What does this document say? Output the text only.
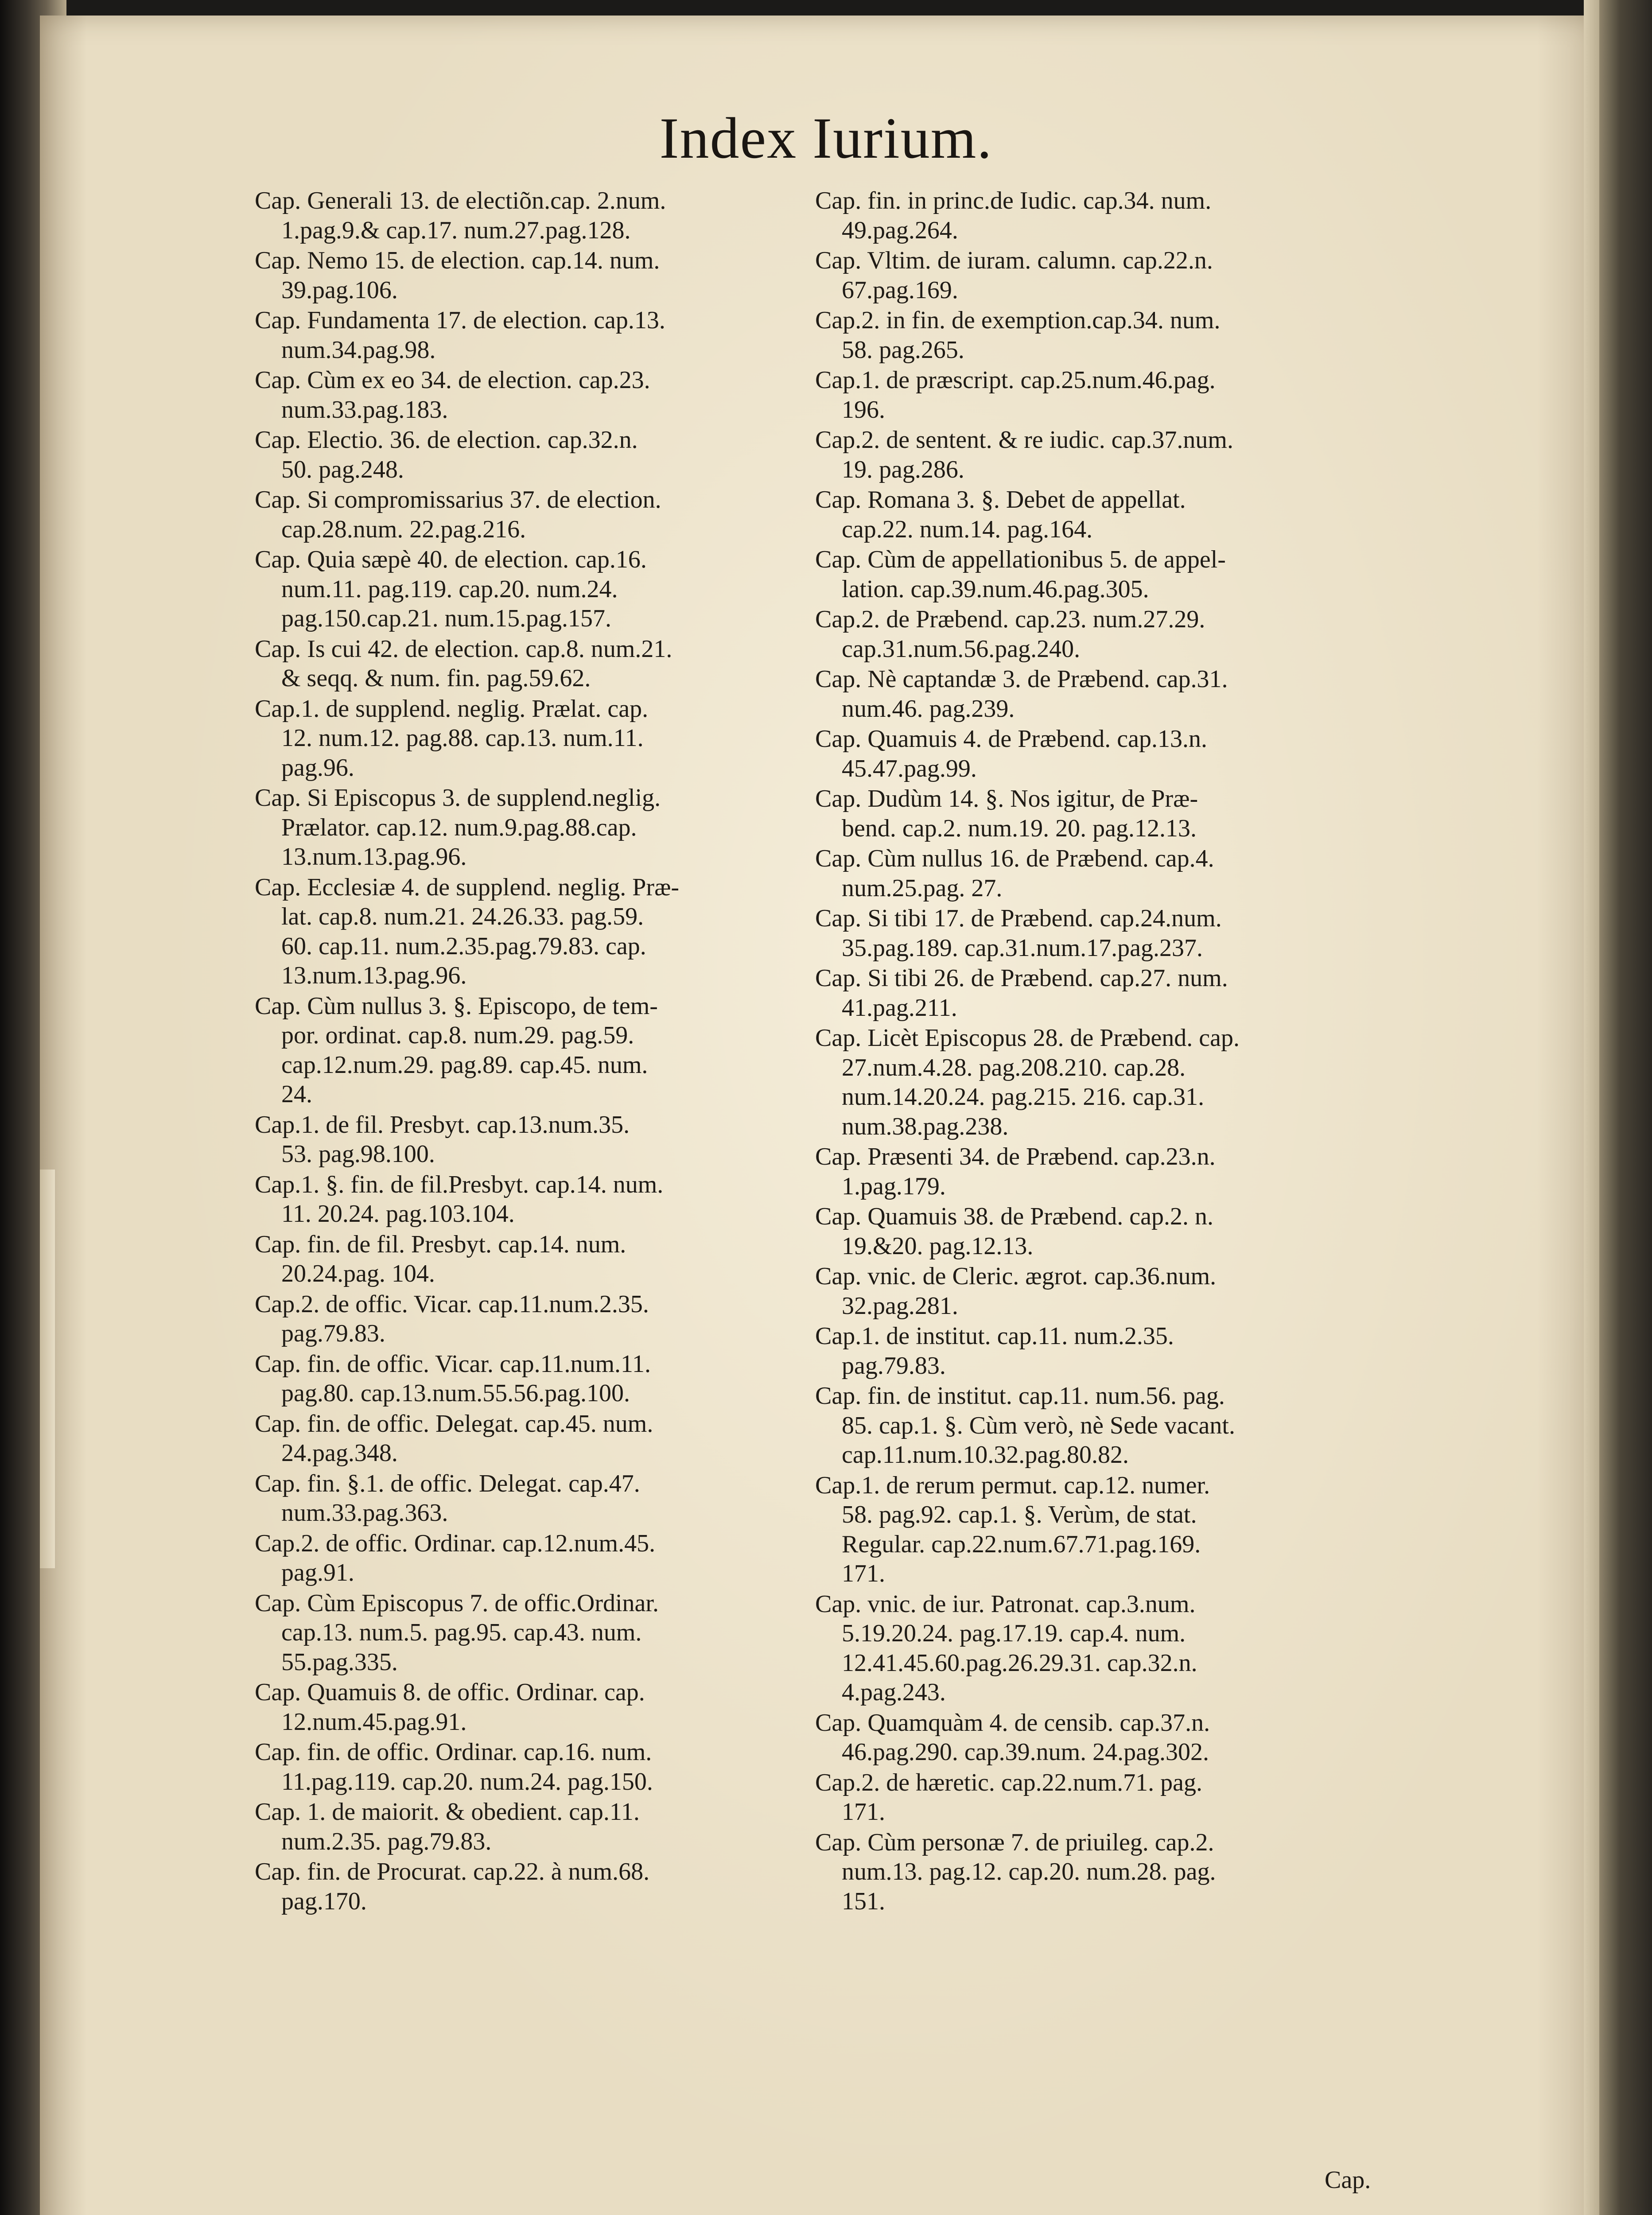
Index Iurium.
Cap. Generali 13. de electiõn.cap. 2.num.
1.pag.9.& cap.17. num.27.pag.128.
Cap. Nemo 15. de election. cap.14. num.
39.pag.106.
Cap. Fundamenta 17. de election. cap.13.
num.34.pag.98.
Cap. Cùm ex eo 34. de election. cap.23.
num.33.pag.183.
Cap. Electio. 36. de election. cap.32.n.
50. pag.248.
Cap. Si compromissarius 37. de election.
cap.28.num. 22.pag.216.
Cap. Quia sæpè 40. de election. cap.16.
num.11. pag.119. cap.20. num.24.
pag.150.cap.21. num.15.pag.157.
Cap. Is cui 42. de election. cap.8. num.21.
& seqq. & num. fin. pag.59.62.
Cap.1. de supplend. neglig. Prælat. cap.
12. num.12. pag.88. cap.13. num.11.
pag.96.
Cap. Si Episcopus 3. de supplend.neglig.
Prælator. cap.12. num.9.pag.88.cap.
13.num.13.pag.96.
Cap. Ecclesiæ 4. de supplend. neglig. Præ-
lat. cap.8. num.21. 24.26.33. pag.59.
60. cap.11. num.2.35.pag.79.83. cap.
13.num.13.pag.96.
Cap. Cùm nullus 3. §. Episcopo, de tem-
por. ordinat. cap.8. num.29. pag.59.
cap.12.num.29. pag.89. cap.45. num.
24.
Cap.1. de fil. Presbyt. cap.13.num.35.
53. pag.98.100.
Cap.1. §. fin. de fil.Presbyt. cap.14. num.
11. 20.24. pag.103.104.
Cap. fin. de fil. Presbyt. cap.14. num.
20.24.pag. 104.
Cap.2. de offic. Vicar. cap.11.num.2.35.
pag.79.83.
Cap. fin. de offic. Vicar. cap.11.num.11.
pag.80. cap.13.num.55.56.pag.100.
Cap. fin. de offic. Delegat. cap.45. num.
24.pag.348.
Cap. fin. §.1. de offic. Delegat. cap.47.
num.33.pag.363.
Cap.2. de offic. Ordinar. cap.12.num.45.
pag.91.
Cap. Cùm Episcopus 7. de offic.Ordinar.
cap.13. num.5. pag.95. cap.43. num.
55.pag.335.
Cap. Quamuis 8. de offic. Ordinar. cap.
12.num.45.pag.91.
Cap. fin. de offic. Ordinar. cap.16. num.
11.pag.119. cap.20. num.24. pag.150.
Cap. 1. de maiorit. & obedient. cap.11.
num.2.35. pag.79.83.
Cap. fin. de Procurat. cap.22. à num.68.
pag.170.
Cap. fin. in princ.de Iudic. cap.34. num.
49.pag.264.
Cap. Vltim. de iuram. calumn. cap.22.n.
67.pag.169.
Cap.2. in fin. de exemption.cap.34. num.
58. pag.265.
Cap.1. de præscript. cap.25.num.46.pag.
196.
Cap.2. de sentent. & re iudic. cap.37.num.
19. pag.286.
Cap. Romana 3. §. Debet de appellat.
cap.22. num.14. pag.164.
Cap. Cùm de appellationibus 5. de appel-
lation. cap.39.num.46.pag.305.
Cap.2. de Præbend. cap.23. num.27.29.
cap.31.num.56.pag.240.
Cap. Nè captandæ 3. de Præbend. cap.31.
num.46. pag.239.
Cap. Quamuis 4. de Præbend. cap.13.n.
45.47.pag.99.
Cap. Dudùm 14. §. Nos igitur, de Præ-
bend. cap.2. num.19. 20. pag.12.13.
Cap. Cùm nullus 16. de Præbend. cap.4.
num.25.pag. 27.
Cap. Si tibi 17. de Præbend. cap.24.num.
35.pag.189. cap.31.num.17.pag.237.
Cap. Si tibi 26. de Præbend. cap.27. num.
41.pag.211.
Cap. Licèt Episcopus 28. de Præbend. cap.
27.num.4.28. pag.208.210. cap.28.
num.14.20.24. pag.215. 216. cap.31.
num.38.pag.238.
Cap. Præsenti 34. de Præbend. cap.23.n.
1.pag.179.
Cap. Quamuis 38. de Præbend. cap.2. n.
19.&20. pag.12.13.
Cap. vnic. de Cleric. ægrot. cap.36.num.
32.pag.281.
Cap.1. de institut. cap.11. num.2.35.
pag.79.83.
Cap. fin. de institut. cap.11. num.56. pag.
85. cap.1. §. Cùm verò, nè Sede vacant.
cap.11.num.10.32.pag.80.82.
Cap.1. de rerum permut. cap.12. numer.
58. pag.92. cap.1. §. Verùm, de stat.
Regular. cap.22.num.67.71.pag.169.
171.
Cap. vnic. de iur. Patronat. cap.3.num.
5.19.20.24. pag.17.19. cap.4. num.
12.41.45.60.pag.26.29.31. cap.32.n.
4.pag.243.
Cap. Quamquàm 4. de censib. cap.37.n.
46.pag.290. cap.39.num. 24.pag.302.
Cap.2. de hæretic. cap.22.num.71. pag.
171.
Cap. Cùm personæ 7. de priuileg. cap.2.
num.13. pag.12. cap.20. num.28. pag.
151.
Cap.
